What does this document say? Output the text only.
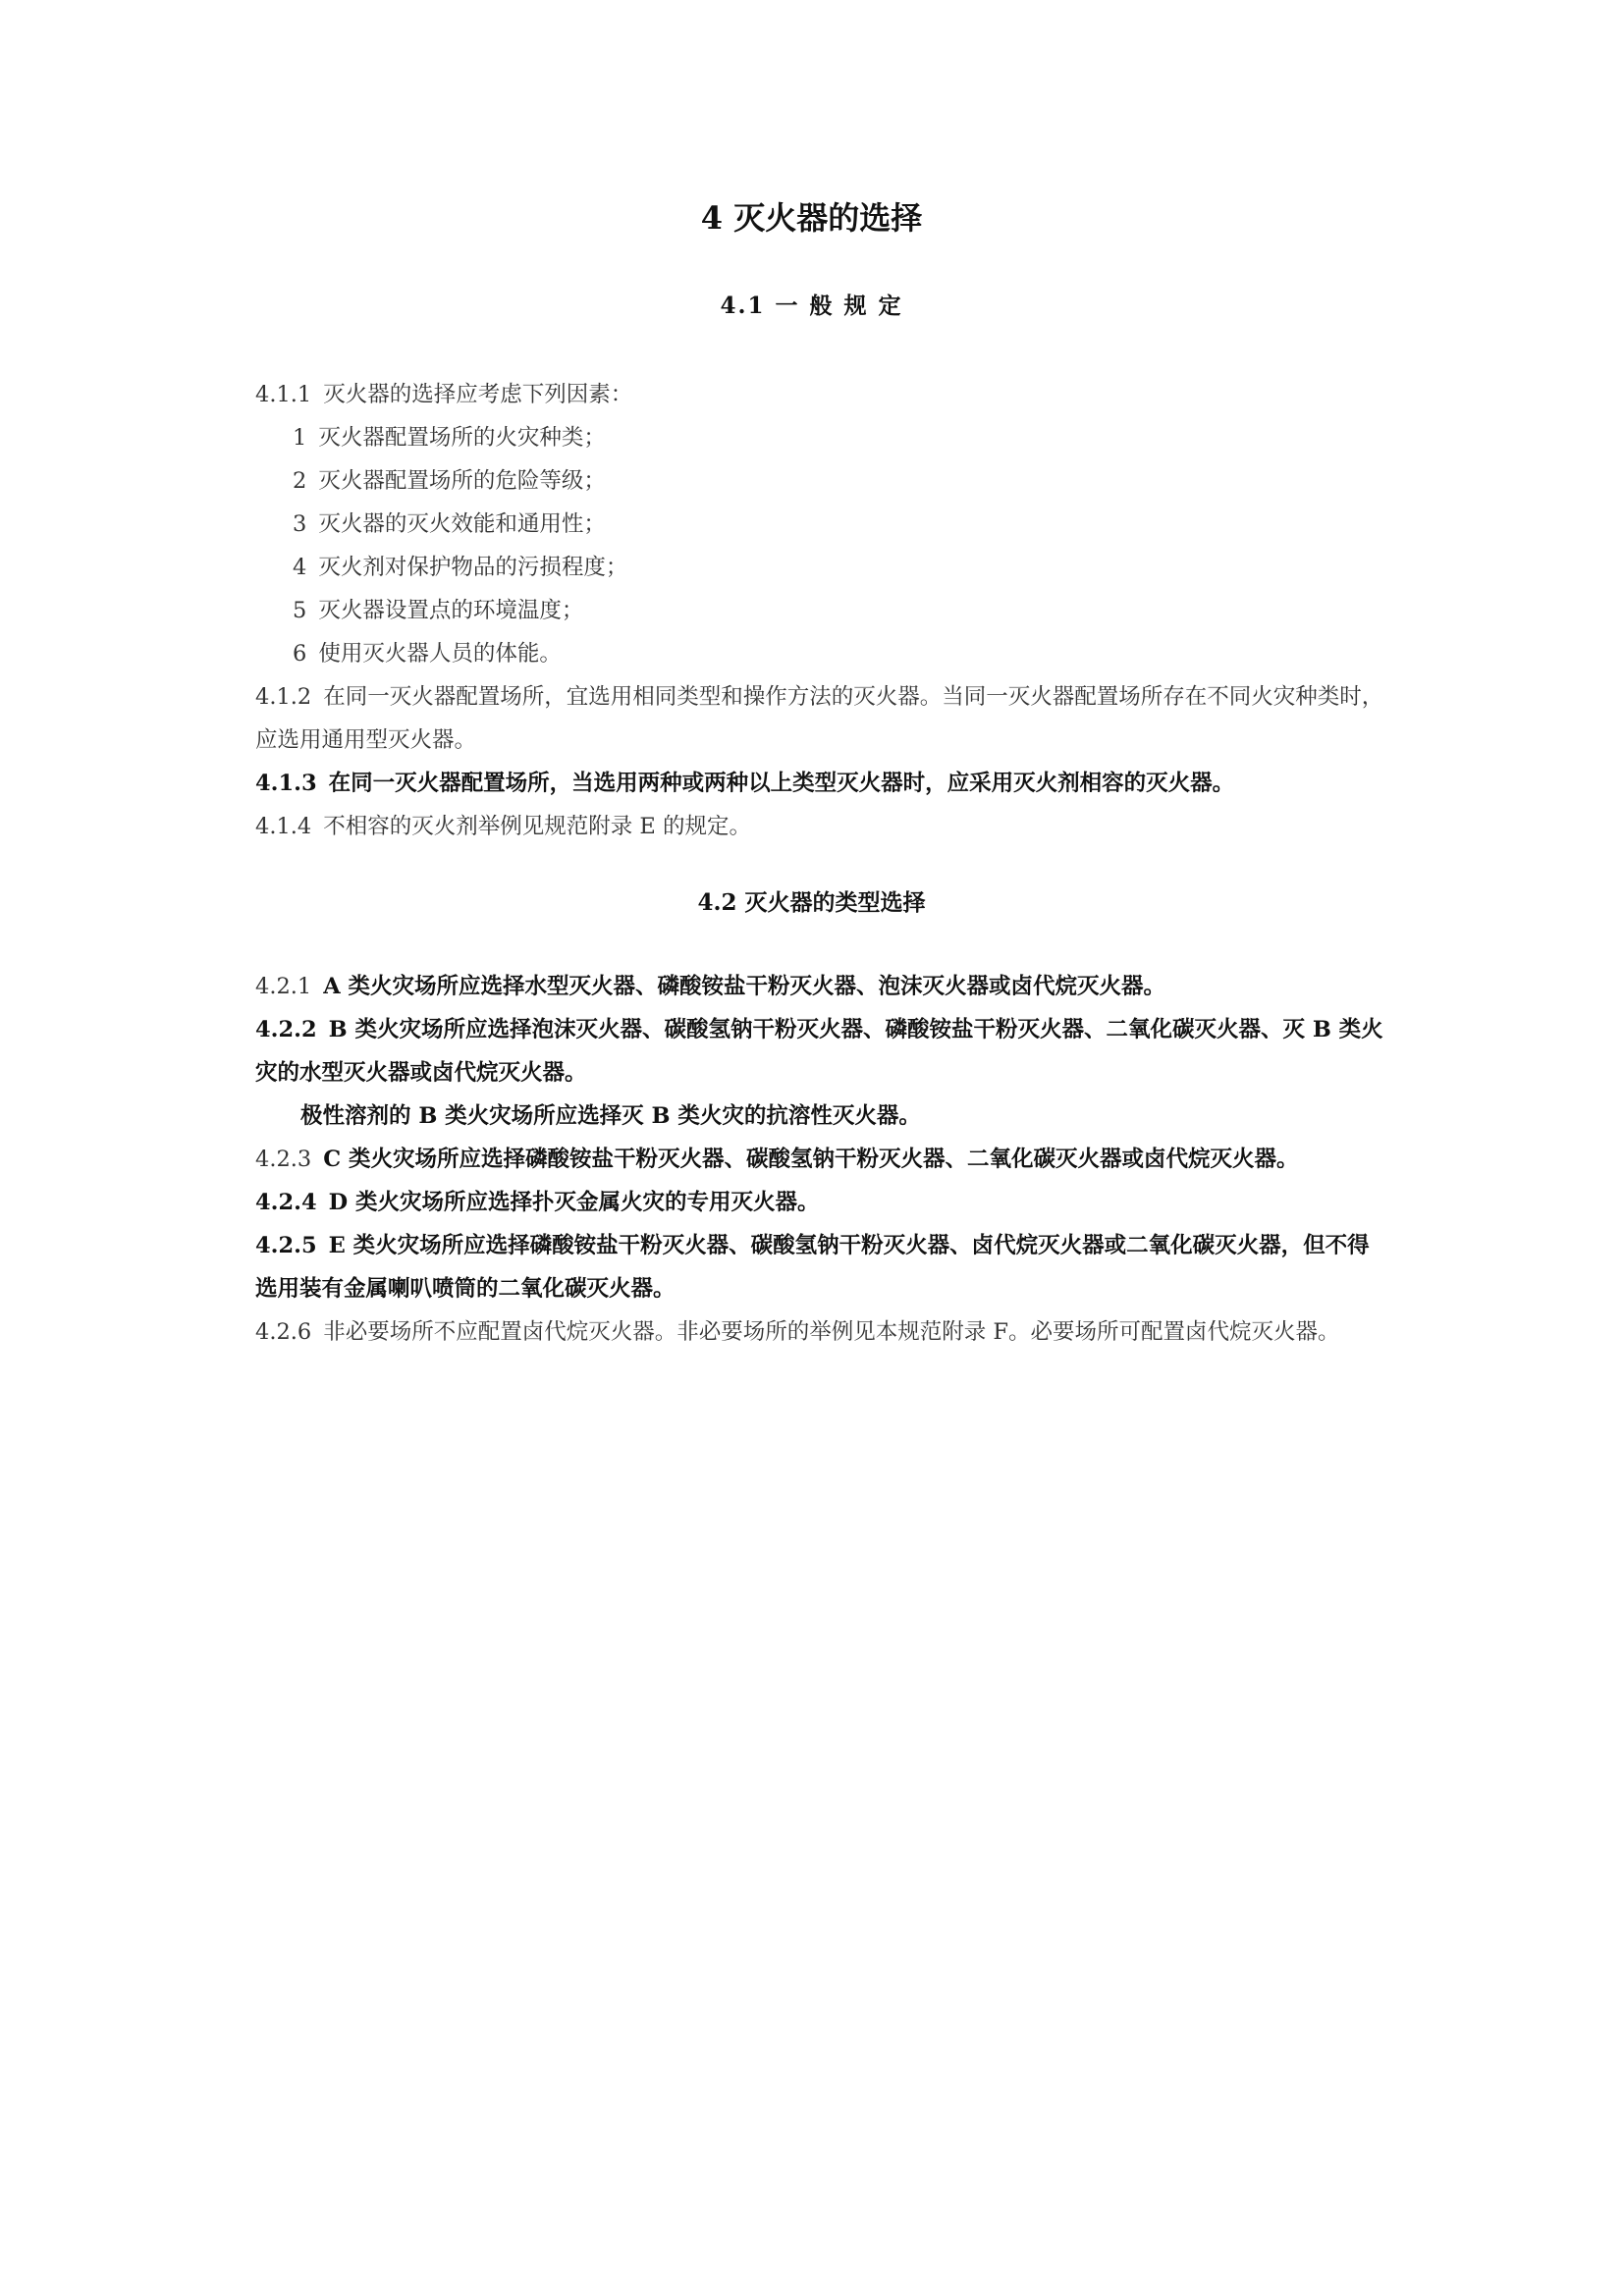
4 灭火器的选择
4.1 一 般 规 定

4.1.1 灭火器的选择应考虑下列因素：

1 灭火器配置场所的火灾种类；

2 灭火器配置场所的危险等级；

3 灭火器的灭火效能和通用性；

4 灭火剂对保护物品的污损程度；

5 灭火器设置点的环境温度；

6 使用灭火器人员的体能。

4.1.2 在同一灭火器配置场所，宜选用相同类型和操作方法的灭火器。当同一灭火器配置场所存在不同火灾种类时，应选用通用型灭火器。

4.1.3 在同一灭火器配置场所，当选用两种或两种以上类型灭火器时，应采用灭火剂相容的灭火器。

4.1.4 不相容的灭火剂举例见规范附录 E 的规定。

4.2 灭火器的类型选择

4.2.1 A 类火灾场所应选择水型灭火器、磷酸铵盐干粉灭火器、泡沫灭火器或卤代烷灭火器。

4.2.2 B 类火灾场所应选择泡沫灭火器、碳酸氢钠干粉灭火器、磷酸铵盐干粉灭火器、二氧化碳灭火器、灭 B 类火灾的水型灭火器或卤代烷灭火器。

极性溶剂的 B 类火灾场所应选择灭 B 类火灾的抗溶性灭火器。

4.2.3 C 类火灾场所应选择磷酸铵盐干粉灭火器、碳酸氢钠干粉灭火器、二氧化碳灭火器或卤代烷灭火器。

4.2.4 D 类火灾场所应选择扑灭金属火灾的专用灭火器。

4.2.5 E 类火灾场所应选择磷酸铵盐干粉灭火器、碳酸氢钠干粉灭火器、卤代烷灭火器或二氧化碳灭火器，但不得选用装有金属喇叭喷筒的二氧化碳灭火器。

4.2.6 非必要场所不应配置卤代烷灭火器。非必要场所的举例见本规范附录 F。必要场所可配置卤代烷灭火器。
